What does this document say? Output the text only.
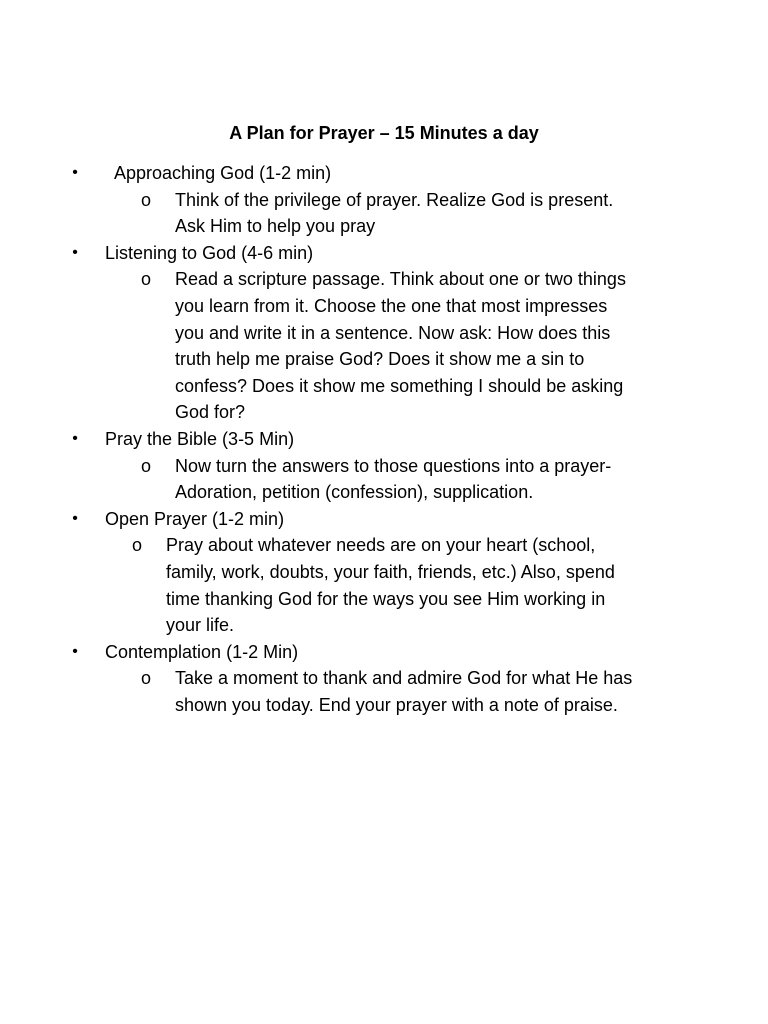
A Plan for Prayer – 15 Minutes a day
• Approaching God (1-2 min)
o Think of the privilege of prayer. Realize God is present. Ask Him to help you pray
• Listening to God (4-6 min)
o Read a scripture passage. Think about one or two things you learn from it. Choose the one that most impresses you and write it in a sentence. Now ask: How does this truth help me praise God? Does it show me a sin to confess? Does it show me something I should be asking God for?
• Pray the Bible (3-5 Min)
o Now turn the answers to those questions into a prayer-Adoration, petition (confession), supplication.
• Open Prayer (1-2 min)
o Pray about whatever needs are on your heart (school, family, work, doubts, your faith, friends, etc.) Also, spend time thanking God for the ways you see Him working in your life.
• Contemplation (1-2 Min)
o Take a moment to thank and admire God for what He has shown you today. End your prayer with a note of praise.
